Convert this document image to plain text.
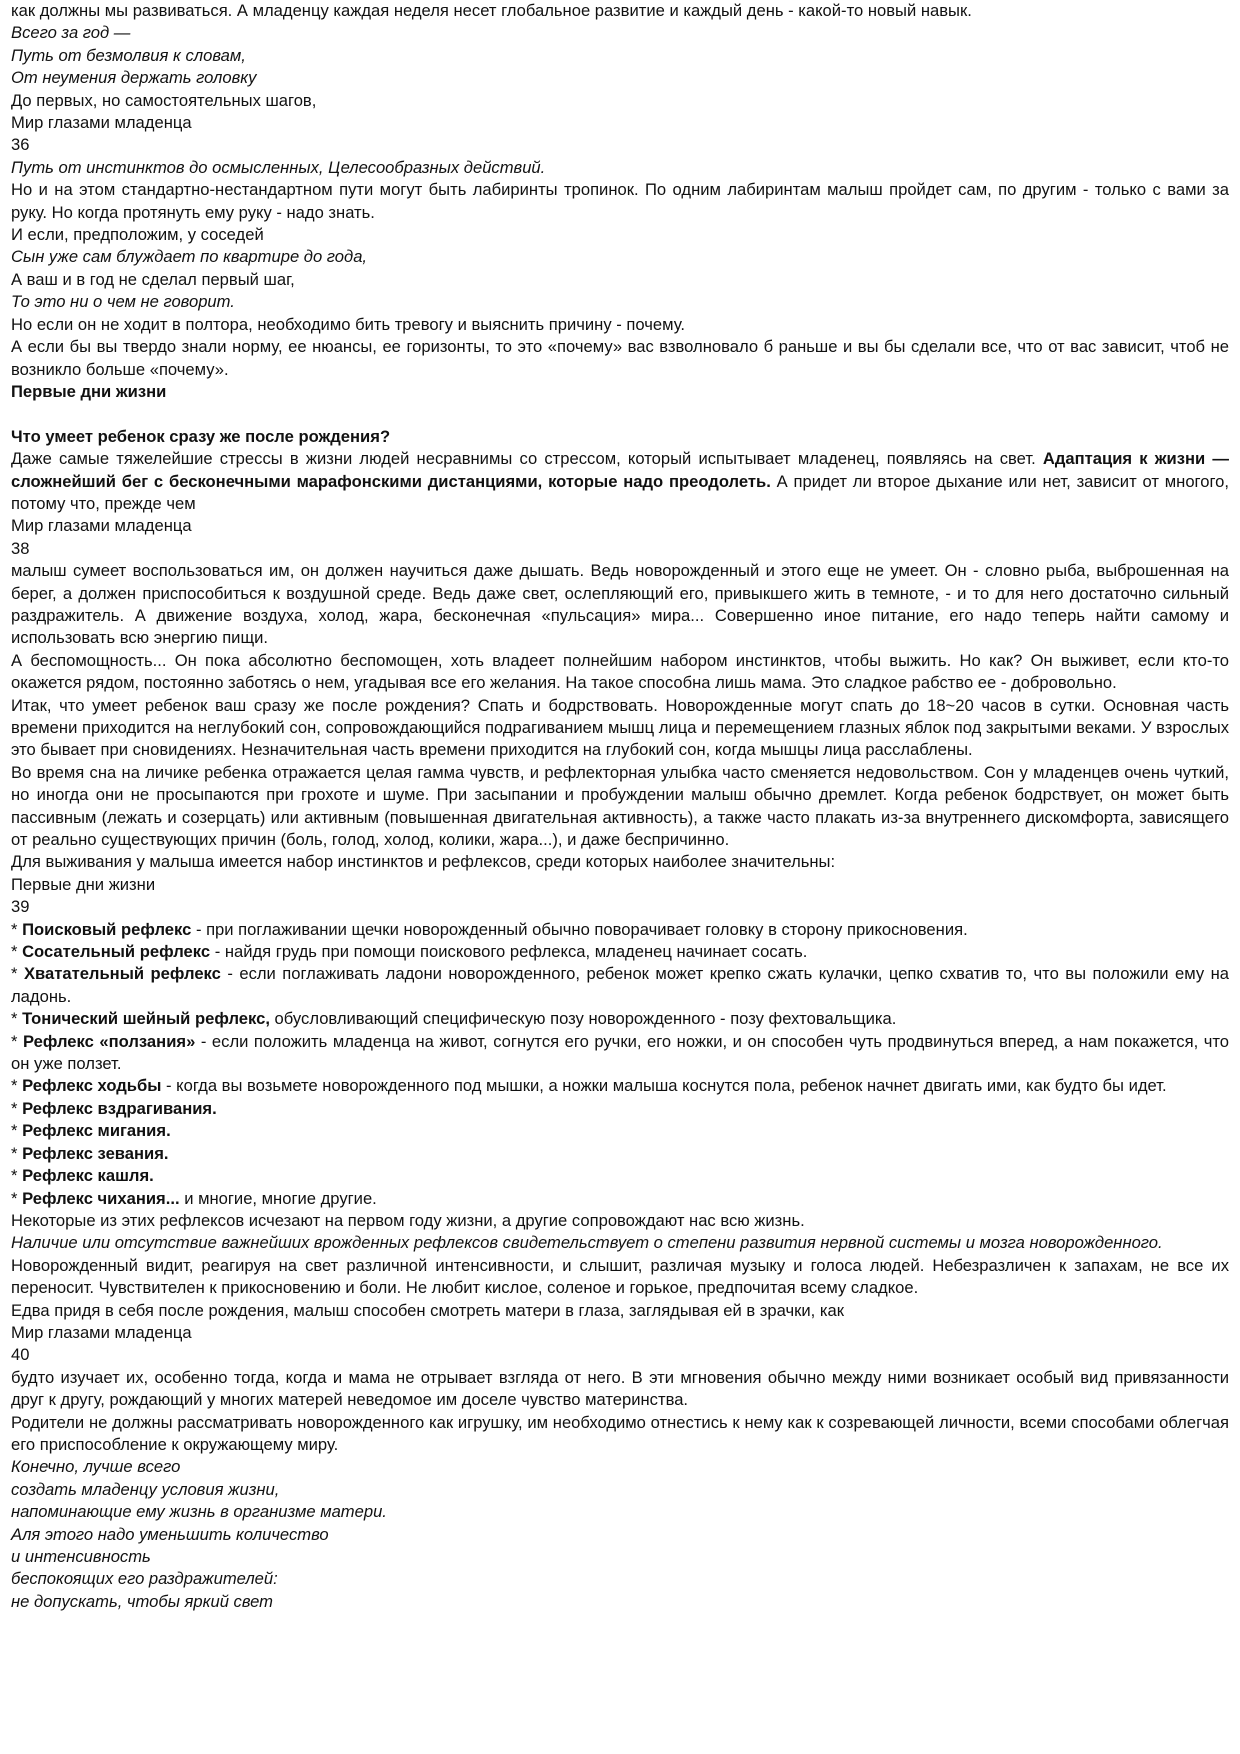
как должны мы развиваться. А младенцу каждая неделя несет глобальное развитие и каждый день - какой-то новый навык.
Всего за год —
Путь от безмолвия к словам,
От неумения держать головку
До первых, но самостоятельных шагов,
Мир глазами младенца
36
Путь от инстинктов до осмысленных, Целесообразных действий.
Но и на этом стандартно-нестандартном пути могут быть лабиринты тропинок. По одним лабиринтам малыш пройдет сам, по другим - только с вами за руку. Но когда протянуть ему руку - надо знать.
И если, предположим, у соседей
Сын уже сам блуждает по квартире до года,
А ваш и в год не сделал первый шаг,
То это ни о чем не говорит.
Но если он не ходит в полтора, необходимо бить тревогу и выяснить причину - почему.
А если бы вы твердо знали норму, ее нюансы, ее горизонты, то это «почему» вас взволновало б раньше и вы бы сделали все, что от вас зависит, чтоб не возникло больше «почему».
Первые дни жизни
Что умеет ребенок сразу же после рождения?
Даже самые тяжелейшие стрессы в жизни людей несравнимы со стрессом, который испытывает младенец, появляясь на свет. Адаптация к жизни — сложнейший бег с бесконечными марафонскими дистанциями, которые надо преодолеть. А придет ли второе дыхание или нет, зависит от многого, потому что, прежде чем
Мир глазами младенца
38
малыш сумеет воспользоваться им, он должен научиться даже дышать. Ведь новорожденный и этого еще не умеет. Он - словно рыба, выброшенная на берег, а должен приспособиться к воздушной среде. Ведь даже свет, ослепляющий его, привыкшего жить в темноте, - и то для него достаточно сильный раздражитель. А движение воздуха, холод, жара, бесконечная «пульсация» мира... Совершенно иное питание, его надо теперь найти самому и использовать всю энергию пищи.
А беспомощность... Он пока абсолютно беспомощен, хоть владеет полнейшим набором инстинктов, чтобы выжить. Но как? Он выживет, если кто-то окажется рядом, постоянно заботясь о нем, угадывая все его желания. На такое способна лишь мама. Это сладкое рабство ее - добровольно.
Итак, что умеет ребенок ваш сразу же после рождения? Спать и бодрствовать. Новорожденные могут спать до 18~20 часов в сутки. Основная часть времени приходится на неглубокий сон, сопровождающийся подрагиванием мышц лица и перемещением глазных яблок под закрытыми веками. У взрослых это бывает при сновидениях. Незначительная часть времени приходится на глубокий сон, когда мышцы лица расслаблены.
Во время сна на личике ребенка отражается целая гамма чувств, и рефлекторная улыбка часто сменяется недовольством. Сон у младенцев очень чуткий, но иногда они не просыпаются при грохоте и шуме. При засыпании и пробуждении малыш обычно дремлет. Когда ребенок бодрствует, он может быть пассивным (лежать и созерцать) или активным (повышенная двигательная активность), а также часто плакать из-за внутреннего дискомфорта, зависящего от реально существующих причин (боль, голод, холод, колики, жара...), и даже беспричинно.
Для выживания у малыша имеется набор инстинктов и рефлексов, среди которых наиболее значительны:
Первые дни жизни
39
* Поисковый рефлекс - при поглаживании щечки новорожденный обычно поворачивает головку в сторону прикосновения.
* Сосательный рефлекс - найдя грудь при помощи поискового рефлекса, младенец начинает сосать.
* Хватательный рефлекс - если поглаживать ладони новорожденного, ребенок может крепко сжать кулачки, цепко схватив то, что вы положили ему на ладонь.
* Тонический шейный рефлекс, обусловливающий специфическую позу новорожденного - позу фехтовальщика.
* Рефлекс «ползания» - если положить младенца на живот, согнутся его ручки, его ножки, и он способен чуть продвинуться вперед, а нам покажется, что он уже ползет.
* Рефлекс ходьбы - когда вы возьмете новорожденного под мышки, а ножки малыша коснутся пола, ребенок начнет двигать ими, как будто бы идет.
* Рефлекс вздрагивания.
* Рефлекс мигания.
* Рефлекс зевания.
* Рефлекс кашля.
* Рефлекс чихания... и многие, многие другие.
Некоторые из этих рефлексов исчезают на первом году жизни, а другие сопровождают нас всю жизнь.
Наличие или отсутствие важнейших врожденных рефлексов свидетельствует о степени развития нервной системы и мозга новорожденного.
Новорожденный видит, реагируя на свет различной интенсивности, и слышит, различая музыку и голоса людей. Небезразличен к запахам, не все их переносит. Чувствителен к прикосновению и боли. Не любит кислое, соленое и горькое, предпочитая всему сладкое.
Едва придя в себя после рождения, малыш способен смотреть матери в глаза, заглядывая ей в зрачки, как
Мир глазами младенца
40
будто изучает их, особенно тогда, когда и мама не отрывает взгляда от него. В эти мгновения обычно между ними возникает особый вид привязанности друг к другу, рождающий у многих матерей неведомое им доселе чувство материнства.
Родители не должны рассматривать новорожденного как игрушку, им необходимо отнестись к нему как к созревающей личности, всеми способами облегчая его приспособление к окружающему миру.
Конечно, лучше всего
создать младенцу условия жизни,
напоминающие ему жизнь в организме матери.
Аля этого надо уменьшить количество
и интенсивность
беспокоящих его раздражителей:
не допускать, чтобы яркий свет
